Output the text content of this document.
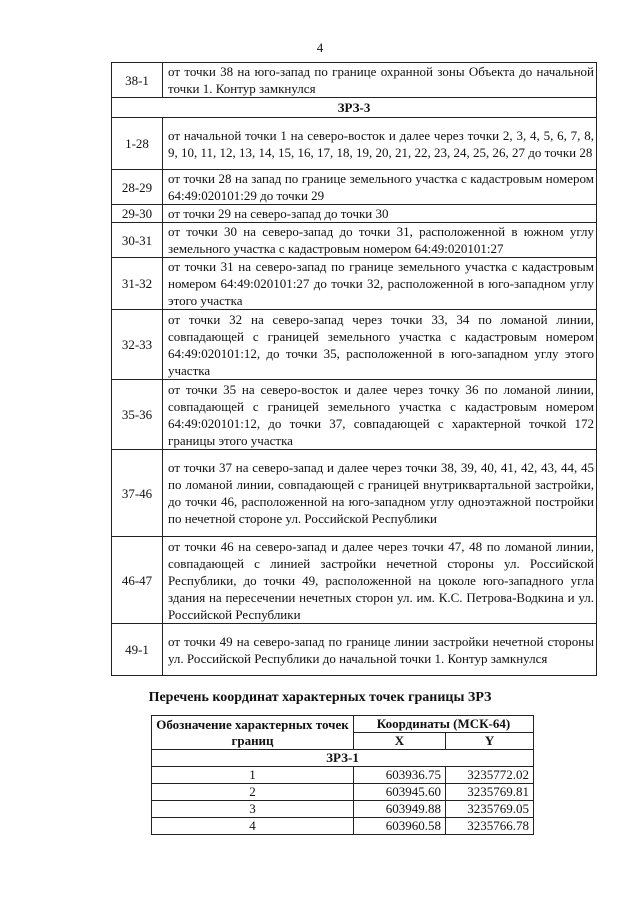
4
38-1	от точки 38 на юго-запад по границе охранной зоны Объекта до начальной точки 1. Контур замкнулся
ЗРЗ-3	
1-28	от начальной точки 1 на северо-восток и далее через точки 2, 3, 4, 5, 6, 7, 8, 9, 10, 11, 12, 13, 14, 15, 16, 17, 18, 19, 20, 21, 22, 23, 24, 25, 26, 27 до точки 28
28-29	от точки 28 на запад по границе земельного участка с кадастровым номером 64:49:020101:29 до точки 29
29-30	от точки 29 на северо-запад до точки 30
30-31	от точки 30 на северо-запад до точки 31, расположенной в южном углу земельного участка с кадастровым номером 64:49:020101:27
31-32	от точки 31 на северо-запад по границе земельного участка с кадастровым номером 64:49:020101:27 до точки 32, расположенной в юго-западном углу этого участка
32-33	от точки 32 на северо-запад через точки 33, 34 по ломаной линии, совпадающей с границей земельного участка с кадастровым номером 64:49:020101:12, до точки 35, расположенной в юго-западном углу этого участка
35-36	от точки 35 на северо-восток и далее через точку 36 по ломаной линии, совпадающей с границей земельного участка с кадастровым номером 64:49:020101:12, до точки 37, совпадающей с характерной точкой 172 границы этого участка
37-46	от точки 37 на северо-запад и далее через точки 38, 39, 40, 41, 42, 43, 44, 45 по ломаной линии, совпадающей с границей внутриквартальной застройки, до точки 46, расположенной на юго-западном углу одноэтажной постройки по нечетной стороне ул. Российской Республики
46-47	от точки 46 на северо-запад и далее через точки 47, 48 по ломаной линии, совпадающей с линией застройки нечетной стороны ул. Российской Республики, до точки 49, расположенной на цоколе юго-западного угла здания на пересечении нечетных сторон ул. им. К.С. Петрова-Водкина и ул. Российской Республики
49-1	от точки 49 на северо-запад по границе линии застройки нечетной стороны ул. Российской Республики до начальной точки 1. Контур замкнулся
Перечень координат характерных точек границы ЗРЗ
Обозначение характерных точек границ	Координаты (МСК-64)	
	X	Y
ЗРЗ-1		
1	603936.75	3235772.02
2	603945.60	3235769.81
3	603949.88	3235769.05
4	603960.58	3235766.78
